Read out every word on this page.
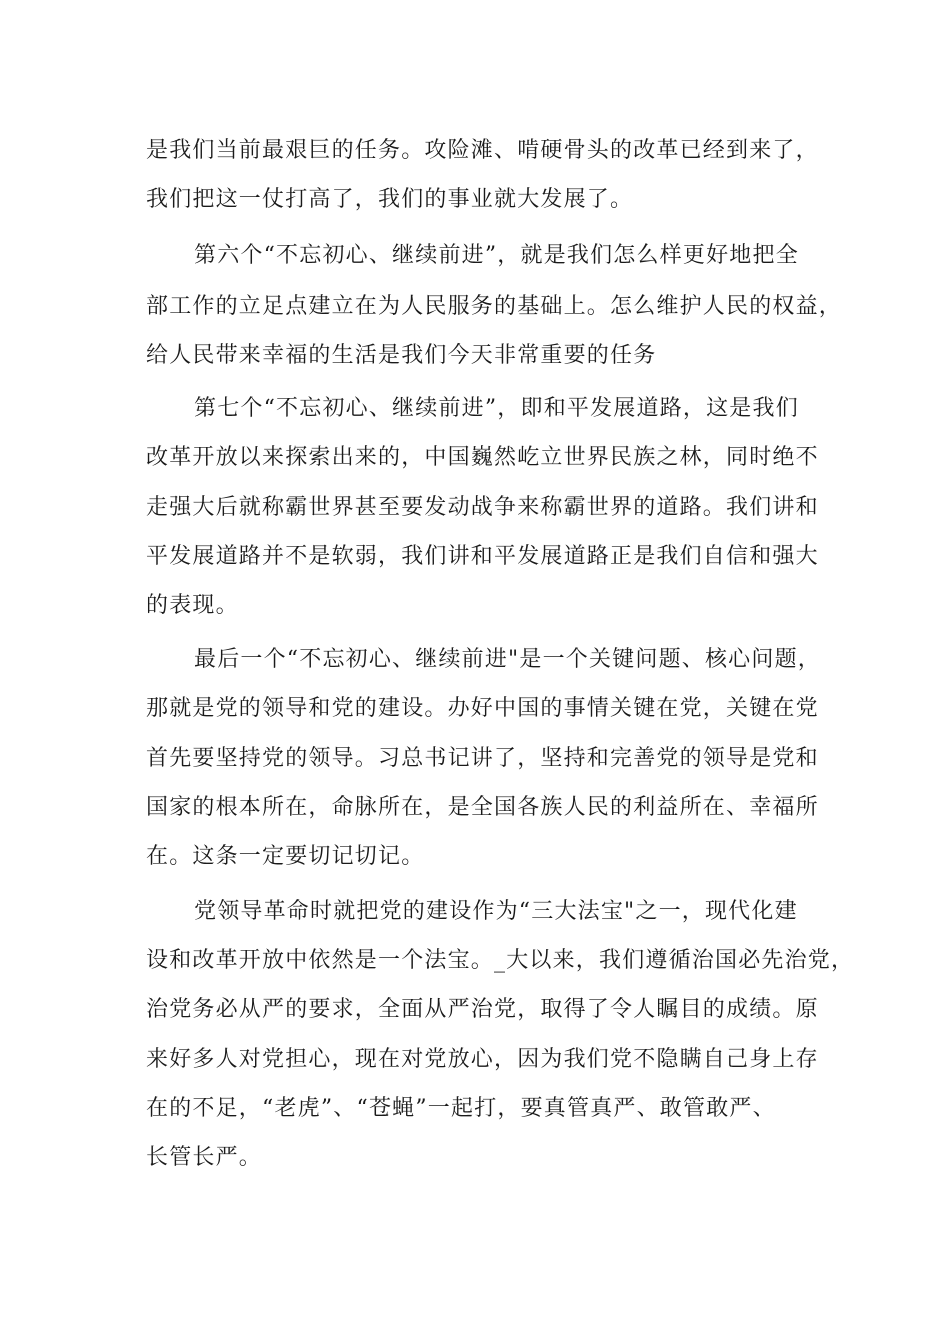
是我们当前最艰巨的任务。攻险滩、啃硬骨头的改革已经到来了，
我们把这一仗打高了，我们的事业就大发展了。
第六个“不忘初心、继续前进”，就是我们怎么样更好地把全
部工作的立足点建立在为人民服务的基础上。怎么维护人民的权益，
给人民带来幸福的生活是我们今天非常重要的任务
第七个“不忘初心、继续前进”，即和平发展道路，这是我们
改革开放以来探索出来的，中国巍然屹立世界民族之林，同时绝不
走强大后就称霸世界甚至要发动战争来称霸世界的道路。我们讲和
平发展道路并不是软弱，我们讲和平发展道路正是我们自信和强大
的表现。
最后一个“不忘初心、继续前进"是一个关键问题、核心问题，
那就是党的领导和党的建设。办好中国的事情关键在党，关键在党
首先要坚持党的领导。习总书记讲了，坚持和完善党的领导是党和
国家的根本所在，命脉所在，是全国各族人民的利益所在、幸福所
在。这条一定要切记切记。
党领导革命时就把党的建设作为“三大法宝"之一，现代化建
设和改革开放中依然是一个法宝。_大以来，我们遵循治国必先治党，
治党务必从严的要求，全面从严治党，取得了令人瞩目的成绩。原
来好多人对党担心，现在对党放心，因为我们党不隐瞒自己身上存
在的不足，“老虎”、“苍蝇”一起打，要真管真严、敢管敢严、
长管长严。
